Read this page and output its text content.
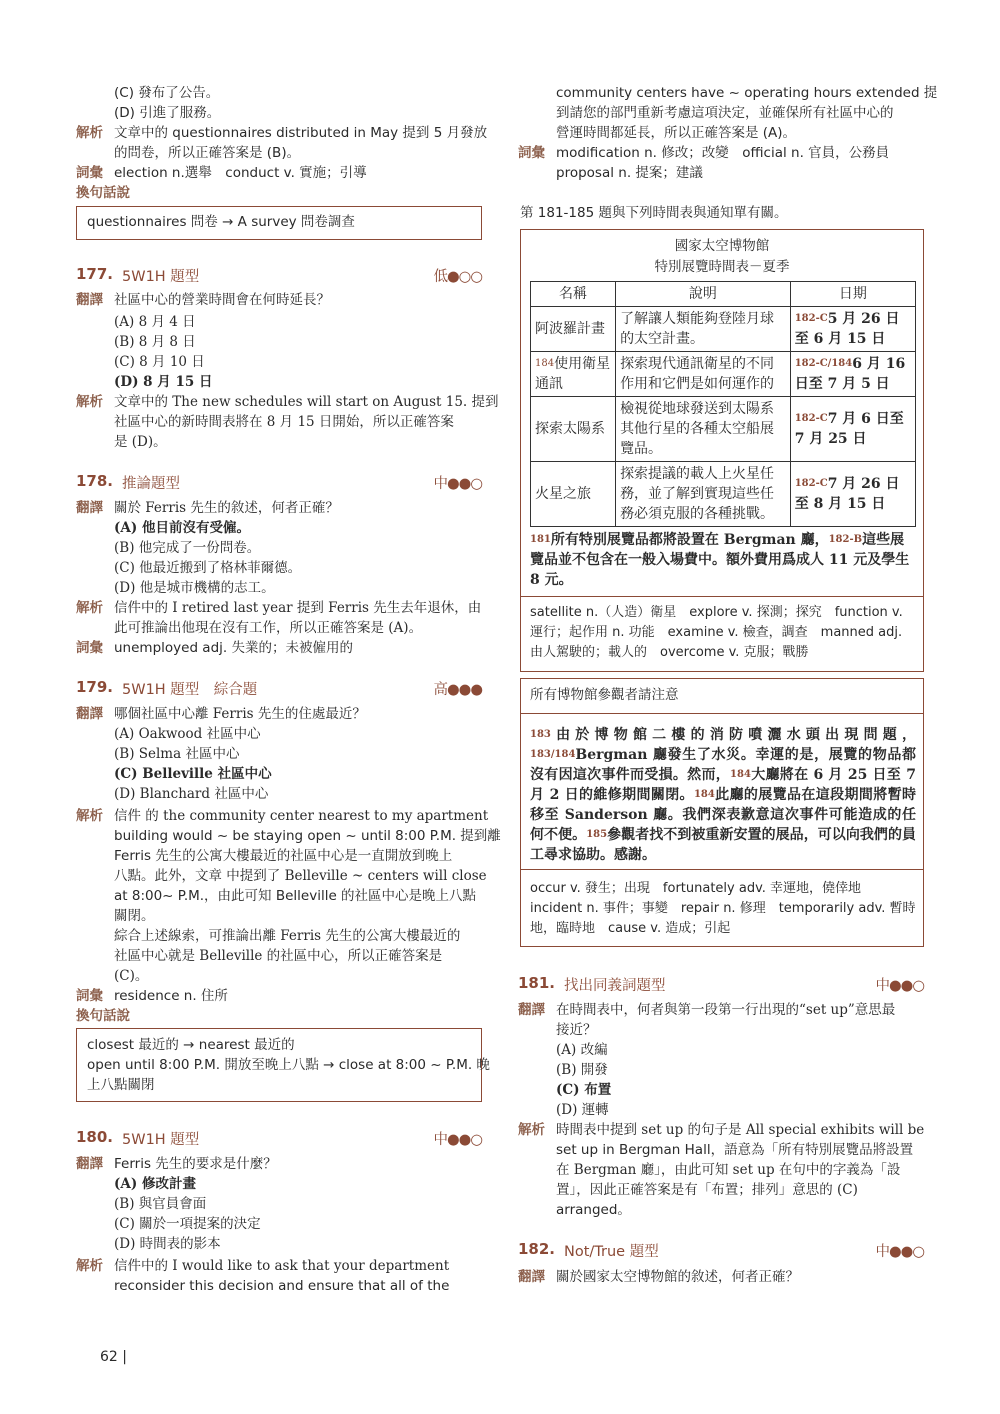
(C) 發布了公告。
(D) 引進了服務。
文章中的 questionnaires distributed in May 提到 5 月發放
的問卷，所以正確答案是 (B)。
election n.選舉　conduct v. 實施；引導
解析
詞彙
換句話說
questionnaires 問卷 → A survey 問卷調查
177. 5W1H 題型	低●○○
翻譯 社區中心的營業時間會在何時延長？
(A) 8 月 4 日
(B) 8 月 8 日
(C) 8 月 10 日
(D) 8 月 15 日
解析 文章中的 The new schedules will start on August 15. 提到
社區中心的新時間表將在 8 月 15 日開始，所以正確答案
是 (D)。
178. 推論題型	中●●○
翻譯 關於 Ferris 先生的敘述，何者正確？
(A) 他目前沒有受僱。
(B) 他完成了一份問卷。
(C) 他最近搬到了格林菲爾德。
(D) 他是城市機構的志工。
解析 信件中的 I retired last year 提到 Ferris 先生去年退休，由
此可推論出他現在沒有工作，所以正確答案是 (A)。
詞彙 unemployed adj. 失業的；未被僱用的
179. 5W1H 題型　綜合題	高●●●
翻譯 哪個社區中心離 Ferris 先生的住處最近？
(A) Oakwood 社區中心
(B) Selma 社區中心
(C) Belleville 社區中心
(D) Blanchard 社區中心
解析 信件 的 the community center nearest to my apartment
building would ~ be staying open ~ until 8:00 P.M. 提到離
Ferris 先生的公寓大樓最近的社區中心是一直開放到晚上
八點。此外，文章 中提到了 Belleville ~ centers will close
at 8:00~ P.M.，由此可知 Belleville 的社區中心是晚上八點
關閉。
綜合上述線索，可推論出離 Ferris 先生的公寓大樓最近的
社區中心就是 Belleville 的社區中心，所以正確答案是
(C)。
詞彙 residence n. 住所
換句話說
closest 最近的 → nearest 最近的
open until 8:00 P.M. 開放至晚上八點 → close at 8:00 ~ P.M. 晚
上八點關閉
180. 5W1H 題型	中●●○
翻譯 Ferris 先生的要求是什麼？
(A) 修改計畫
(B) 與官員會面
(C) 關於一項提案的決定
(D) 時間表的影本
解析 信件中的 I would like to ask that your department
reconsider this decision and ensure that all of the
community centers have ~ operating hours extended 提
到請您的部門重新考慮這項決定，並確保所有社區中心的
營運時間都延長，所以正確答案是 (A)。
modification n. 修改；改變　official n. 官員，公務員
proposal n. 提案；建議
詞彙
第 181-185 題與下列時間表與通知單有關。
國家太空博物館
特別展覽時間表－夏季
名稱	說明	日期
阿波羅計畫	了解讓人類能夠登陸月球的太空計畫。	$^{182-C}$5 月 26 日至 6 月 15 日
$^{184}$使用衛星通訊	探索現代通訊衛星的不同作用和它們是如何運作的	$^{182-C/184}$6 月 16 日至 7 月 5 日
探索太陽系	檢視從地球發送到太陽系其他行星的各種太空船展覽品。	$^{182-C}$7 月 6 日至 7 月 25 日
火星之旅	探索提議的載人上火星任務，並了解到實現這些任務必須克服的各種挑戰。	$^{182-C}$7 月 26 日至 8 月 15 日
$^{181}$所有特別展覽品都將設置在 Bergman 廳，$^{182-B}$這些展覽品並不包含在一般入場費中。額外費用爲成人 11 元及學生 8 元。
satellite n.（人造）衛星　explore v. 探測；探究　function v. 運行；起作用 n. 功能　examine v. 檢查，調查　manned adj. 由人駕駛的；載人的　overcome v. 克服；戰勝
所有博物館參觀者請注意
$^{183}$由於博物館二樓的消防噴灑水頭出現問題，$^{183/184}$Bergman 廳發生了水災。幸運的是，展覽的物品都沒有因這次事件而受損。然而，$^{184}$大廳將在 6 月 25 日至 7 月 2 日的維修期間關閉。$^{184}$此廳的展覽品在這段期間將暫時移至 Sanderson 廳。我們深表歉意這次事件可能造成的任何不便。$^{185}$參觀者找不到被重新安置的展品，可以向我們的員工尋求協助。感謝。
occur v. 發生；出現　fortunately adv. 幸運地，僥倖地　incident n. 事件；事變　repair n. 修理　temporarily adv. 暫時地，臨時地　cause v. 造成；引起
181. 找出同義詞題型	中●●○
翻譯 在時間表中，何者與第一段第一行出現的“set up”意思最
接近？
(A) 改編
(B) 開發
(C) 布置
(D) 運轉
解析 時間表中提到 set up 的句子是 All special exhibits will be
set up in Bergman Hall，語意為「所有特別展覽品將設置
在 Bergman 廳」，由此可知 set up 在句中的字義為「設
置」，因此正確答案是有「布置；排列」意思的 (C)
arranged。
182. Not/True 題型	中●●○
翻譯 關於國家太空博物館的敘述，何者正確？
62 |
